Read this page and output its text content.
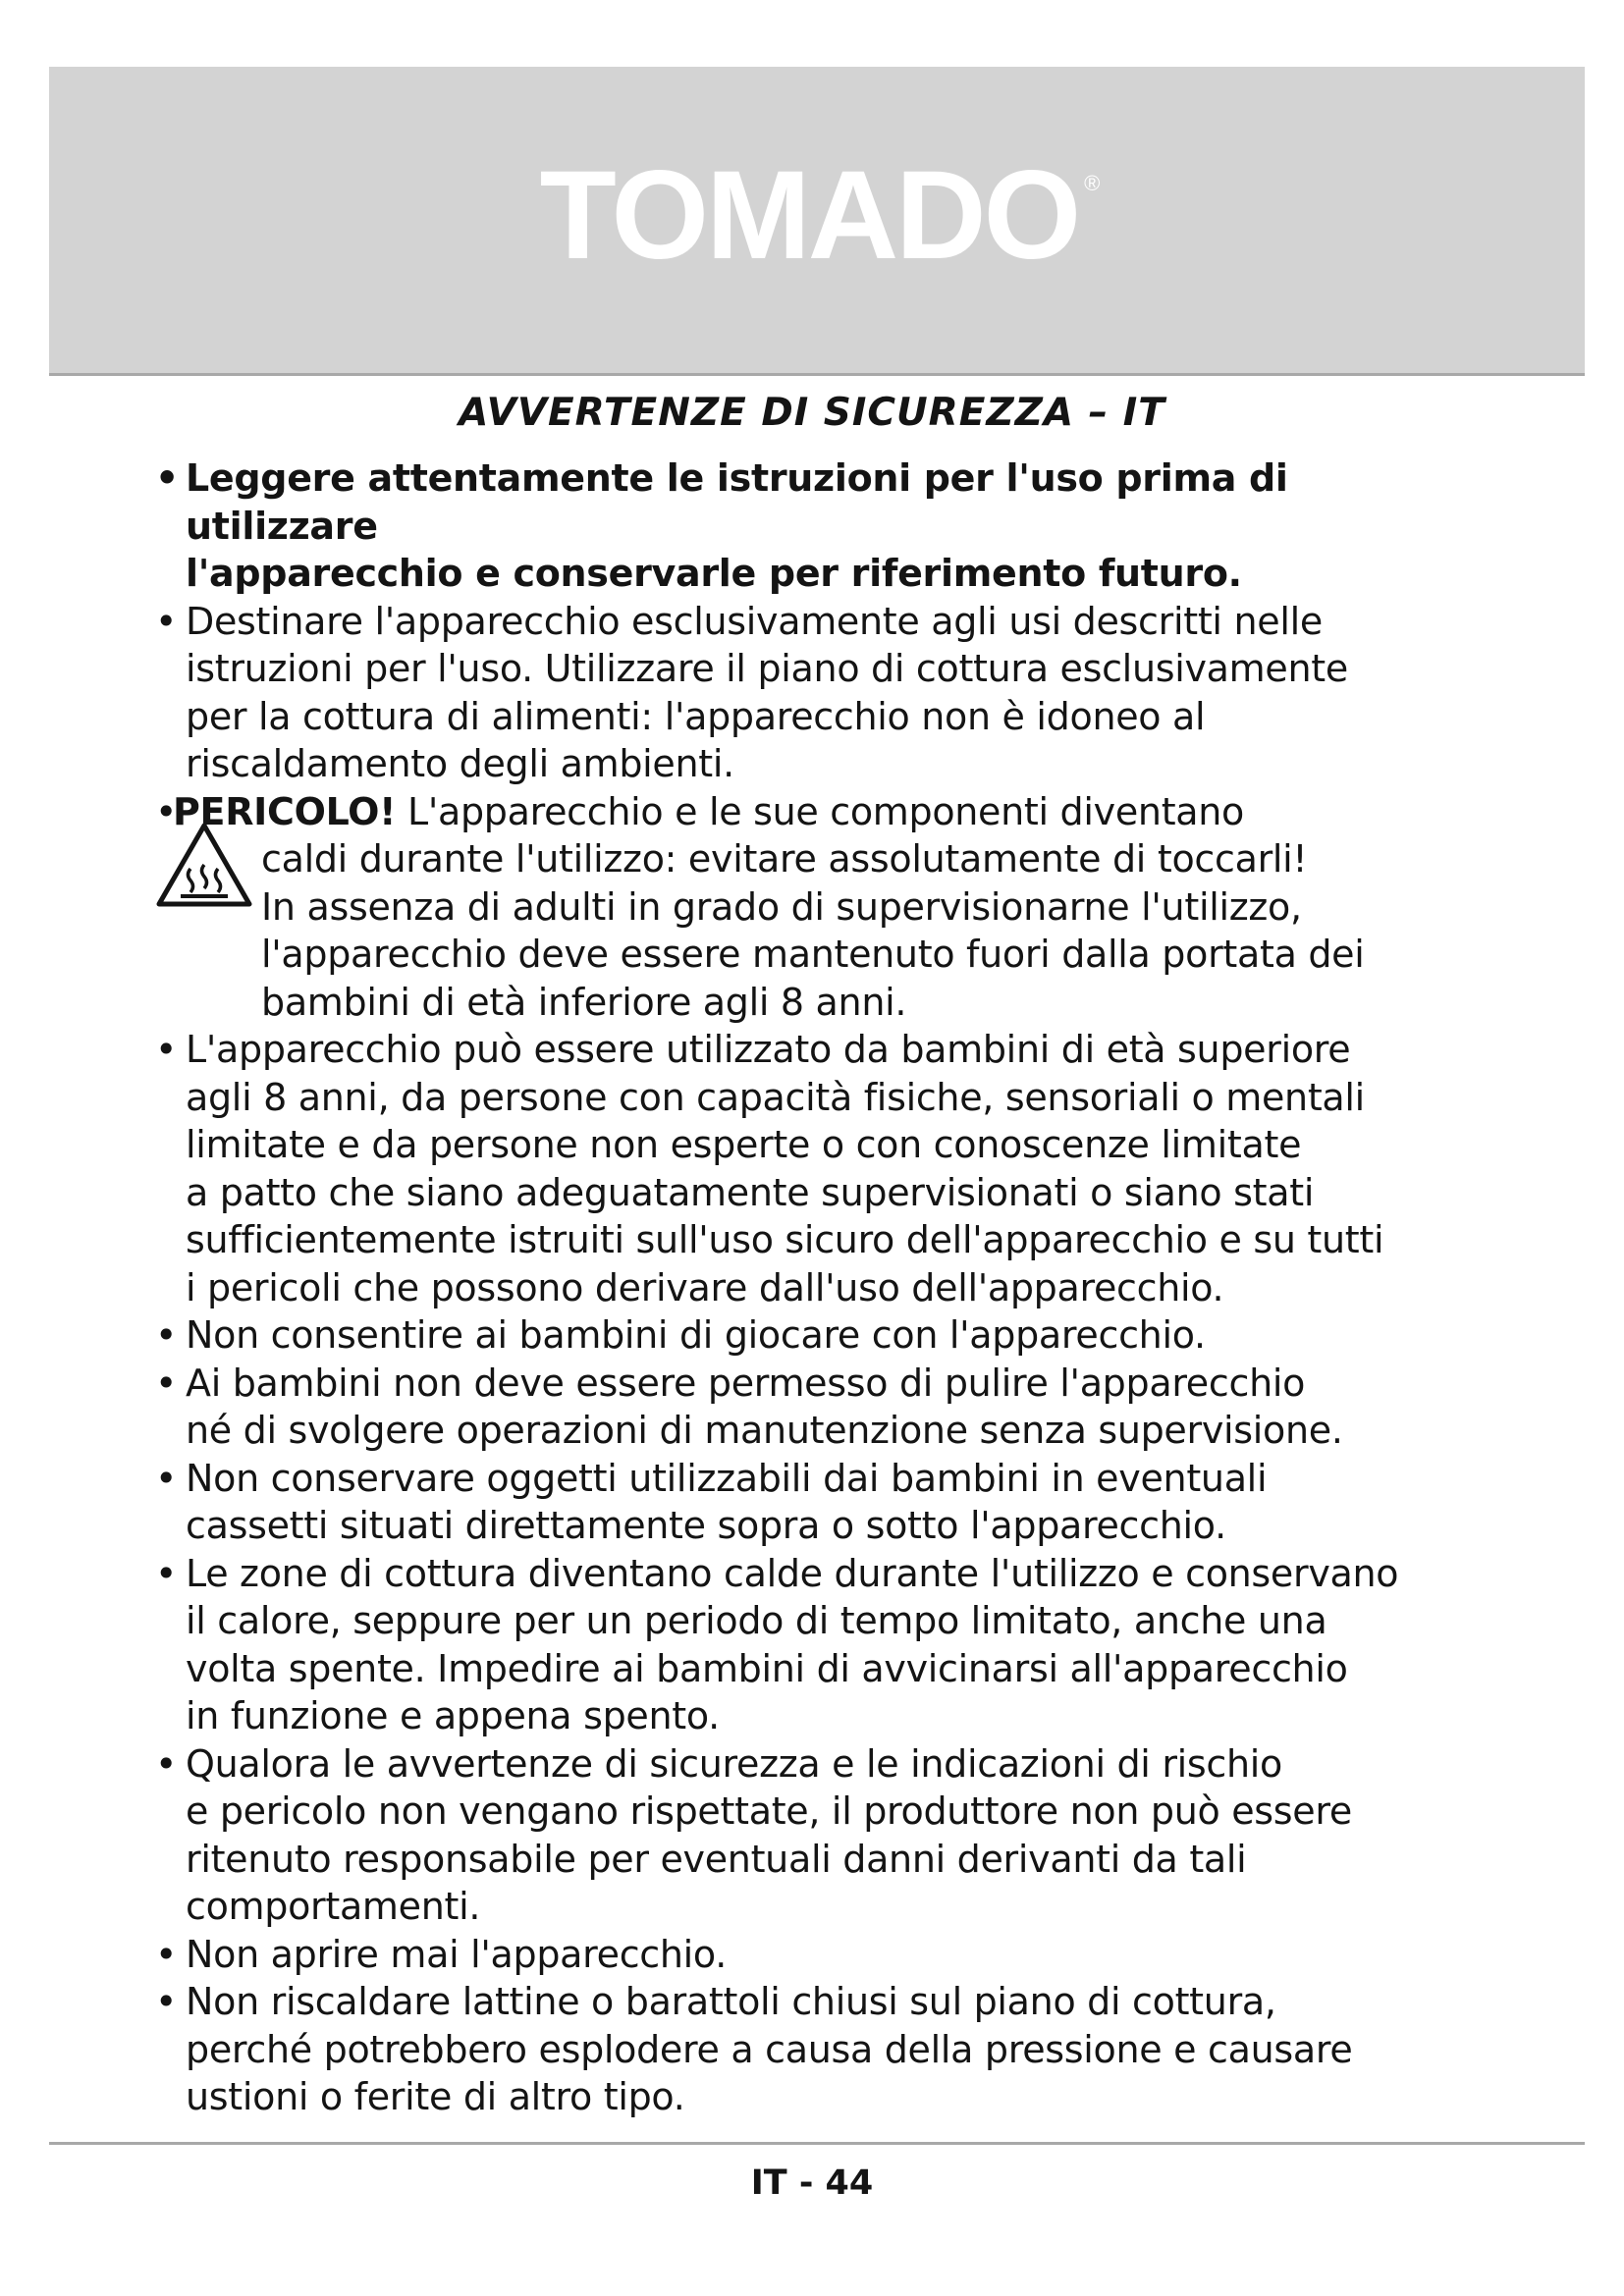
TOMADO ®
AVVERTENZE DI SICUREZZA – IT
• Leggere attentamente le istruzioni per l'uso prima di utilizzare
l'apparecchio e conservarle per riferimento futuro.
• Destinare l'apparecchio esclusivamente agli usi descritti nelle
istruzioni per l'uso. Utilizzare il piano di cottura esclusivamente
per la cottura di alimenti: l'apparecchio non è idoneo al
riscaldamento degli ambienti.
• PERICOLO! L'apparecchio e le sue componenti diventano
caldi durante l'utilizzo: evitare assolutamente di toccarli!
In assenza di adulti in grado di supervisionarne l'utilizzo,
l'apparecchio deve essere mantenuto fuori dalla portata dei
bambini di età inferiore agli 8 anni.
• L'apparecchio può essere utilizzato da bambini di età superiore
agli 8 anni, da persone con capacità fisiche, sensoriali o mentali
limitate e da persone non esperte o con conoscenze limitate
a patto che siano adeguatamente supervisionati o siano stati
sufficientemente istruiti sull'uso sicuro dell'apparecchio e su tutti
i pericoli che possono derivare dall'uso dell'apparecchio.
• Non consentire ai bambini di giocare con l'apparecchio.
• Ai bambini non deve essere permesso di pulire l'apparecchio
né di svolgere operazioni di manutenzione senza supervisione.
• Non conservare oggetti utilizzabili dai bambini in eventuali
cassetti situati direttamente sopra o sotto l'apparecchio.
• Le zone di cottura diventano calde durante l'utilizzo e conservano
il calore, seppure per un periodo di tempo limitato, anche una
volta spente. Impedire ai bambini di avvicinarsi all'apparecchio
in funzione e appena spento.
• Qualora le avvertenze di sicurezza e le indicazioni di rischio
e pericolo non vengano rispettate, il produttore non può essere
ritenuto responsabile per eventuali danni derivanti da tali
comportamenti.
• Non aprire mai l'apparecchio.
• Non riscaldare lattine o barattoli chiusi sul piano di cottura,
perché potrebbero esplodere a causa della pressione e causare
ustioni o ferite di altro tipo.

IT - 44
